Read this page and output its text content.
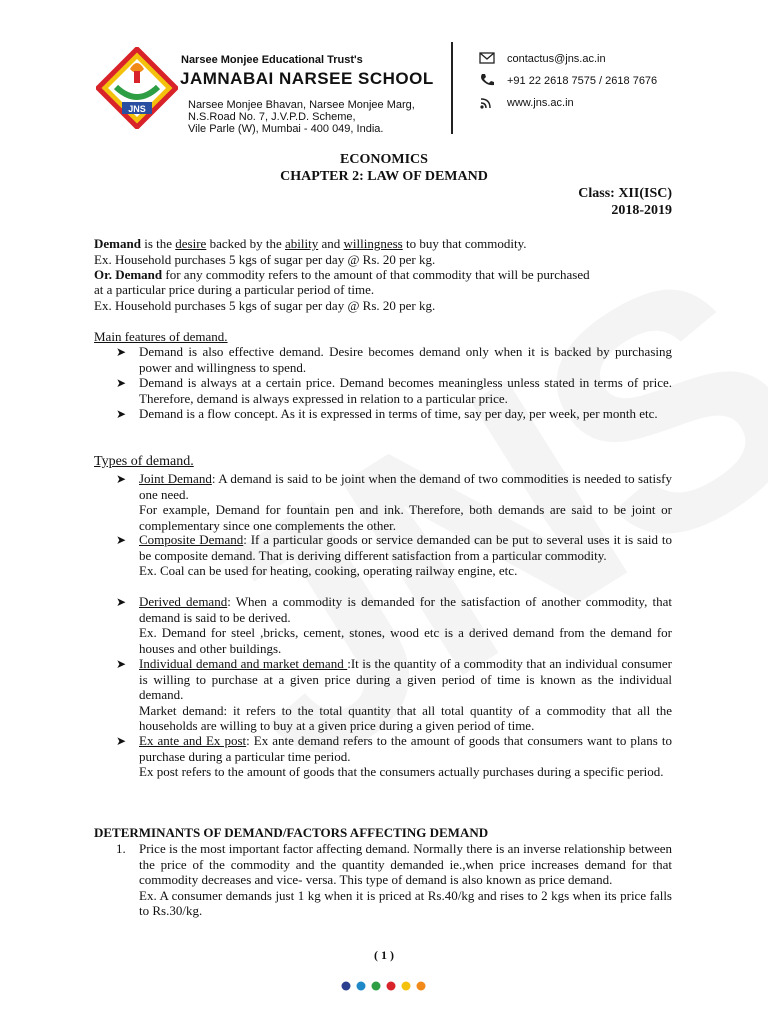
JNS
Narsee Monjee Educational Trust's
JAMNABAI NARSEE SCHOOL
Narsee Monjee Bhavan, Narsee Monjee Marg,
N.S.Road No. 7, J.V.P.D. Scheme,
Vile Parle (W), Mumbai - 400 049, India.
contactus@jns.ac.in
+91 22 2618 7575 / 2618 7676
www.jns.ac.in
ECONOMICS
CHAPTER 2: LAW OF DEMAND
Class: XII(ISC)
2018-2019
Demand is the desire backed by the ability and willingness to buy that commodity.
Ex. Household purchases 5 kgs of sugar per day @ Rs. 20 per kg.
Or. Demand for any commodity refers to the amount of that commodity that will be purchased
at a particular price during a particular period of time.
Ex. Household purchases 5 kgs of sugar per day @ Rs. 20 per kg.
Main features of demand.
➤ Demand is also effective demand. Desire becomes demand only when it is backed by purchasing power and willingness to spend.
➤ Demand is always at a certain price. Demand becomes meaningless unless stated in terms of price. Therefore, demand is always expressed in relation to a particular price.
➤ Demand is a flow concept. As it is expressed in terms of time, say per day, per week, per month etc.
Types of demand.
➤ Joint Demand: A demand is said to be joint when the demand of two commodities is needed to satisfy one need.
For example, Demand for fountain pen and ink. Therefore, both demands are said to be joint or complementary since one complements the other.
➤ Composite Demand: If a particular goods or service demanded can be put to several uses it is said to be composite demand. That is deriving different satisfaction from a particular commodity.
Ex. Coal can be used for heating, cooking, operating railway engine, etc.
➤ Derived demand: When a commodity is demanded for the satisfaction of another commodity, that demand is said to be derived.
Ex. Demand for steel ,bricks, cement, stones, wood etc is a derived demand from the demand for houses and other buildings.
➤ Individual demand and market demand :It is the quantity of a commodity that an individual consumer is willing to purchase at a given price during a given period of time is known as the individual demand.
Market demand: it refers to the total quantity that all total quantity of a commodity that all the households are willing to buy at a given price during a given period of time.
➤ Ex ante and Ex post: Ex ante demand refers to the amount of goods that consumers want to plans to purchase during a particular time period.
Ex post refers to the amount of goods that the consumers actually purchases during a specific period.
DETERMINANTS OF DEMAND/FACTORS AFFECTING DEMAND
1. Price is the most important factor affecting demand. Normally there is an inverse relationship between the price of the commodity and the quantity demanded ie.,when price increases demand for that commodity decreases and vice- versa. This type of demand is also known as price demand.
Ex. A consumer demands just 1 kg when it is priced at Rs.40/kg and rises to 2 kgs when its price falls to Rs.30/kg.
( 1 )
